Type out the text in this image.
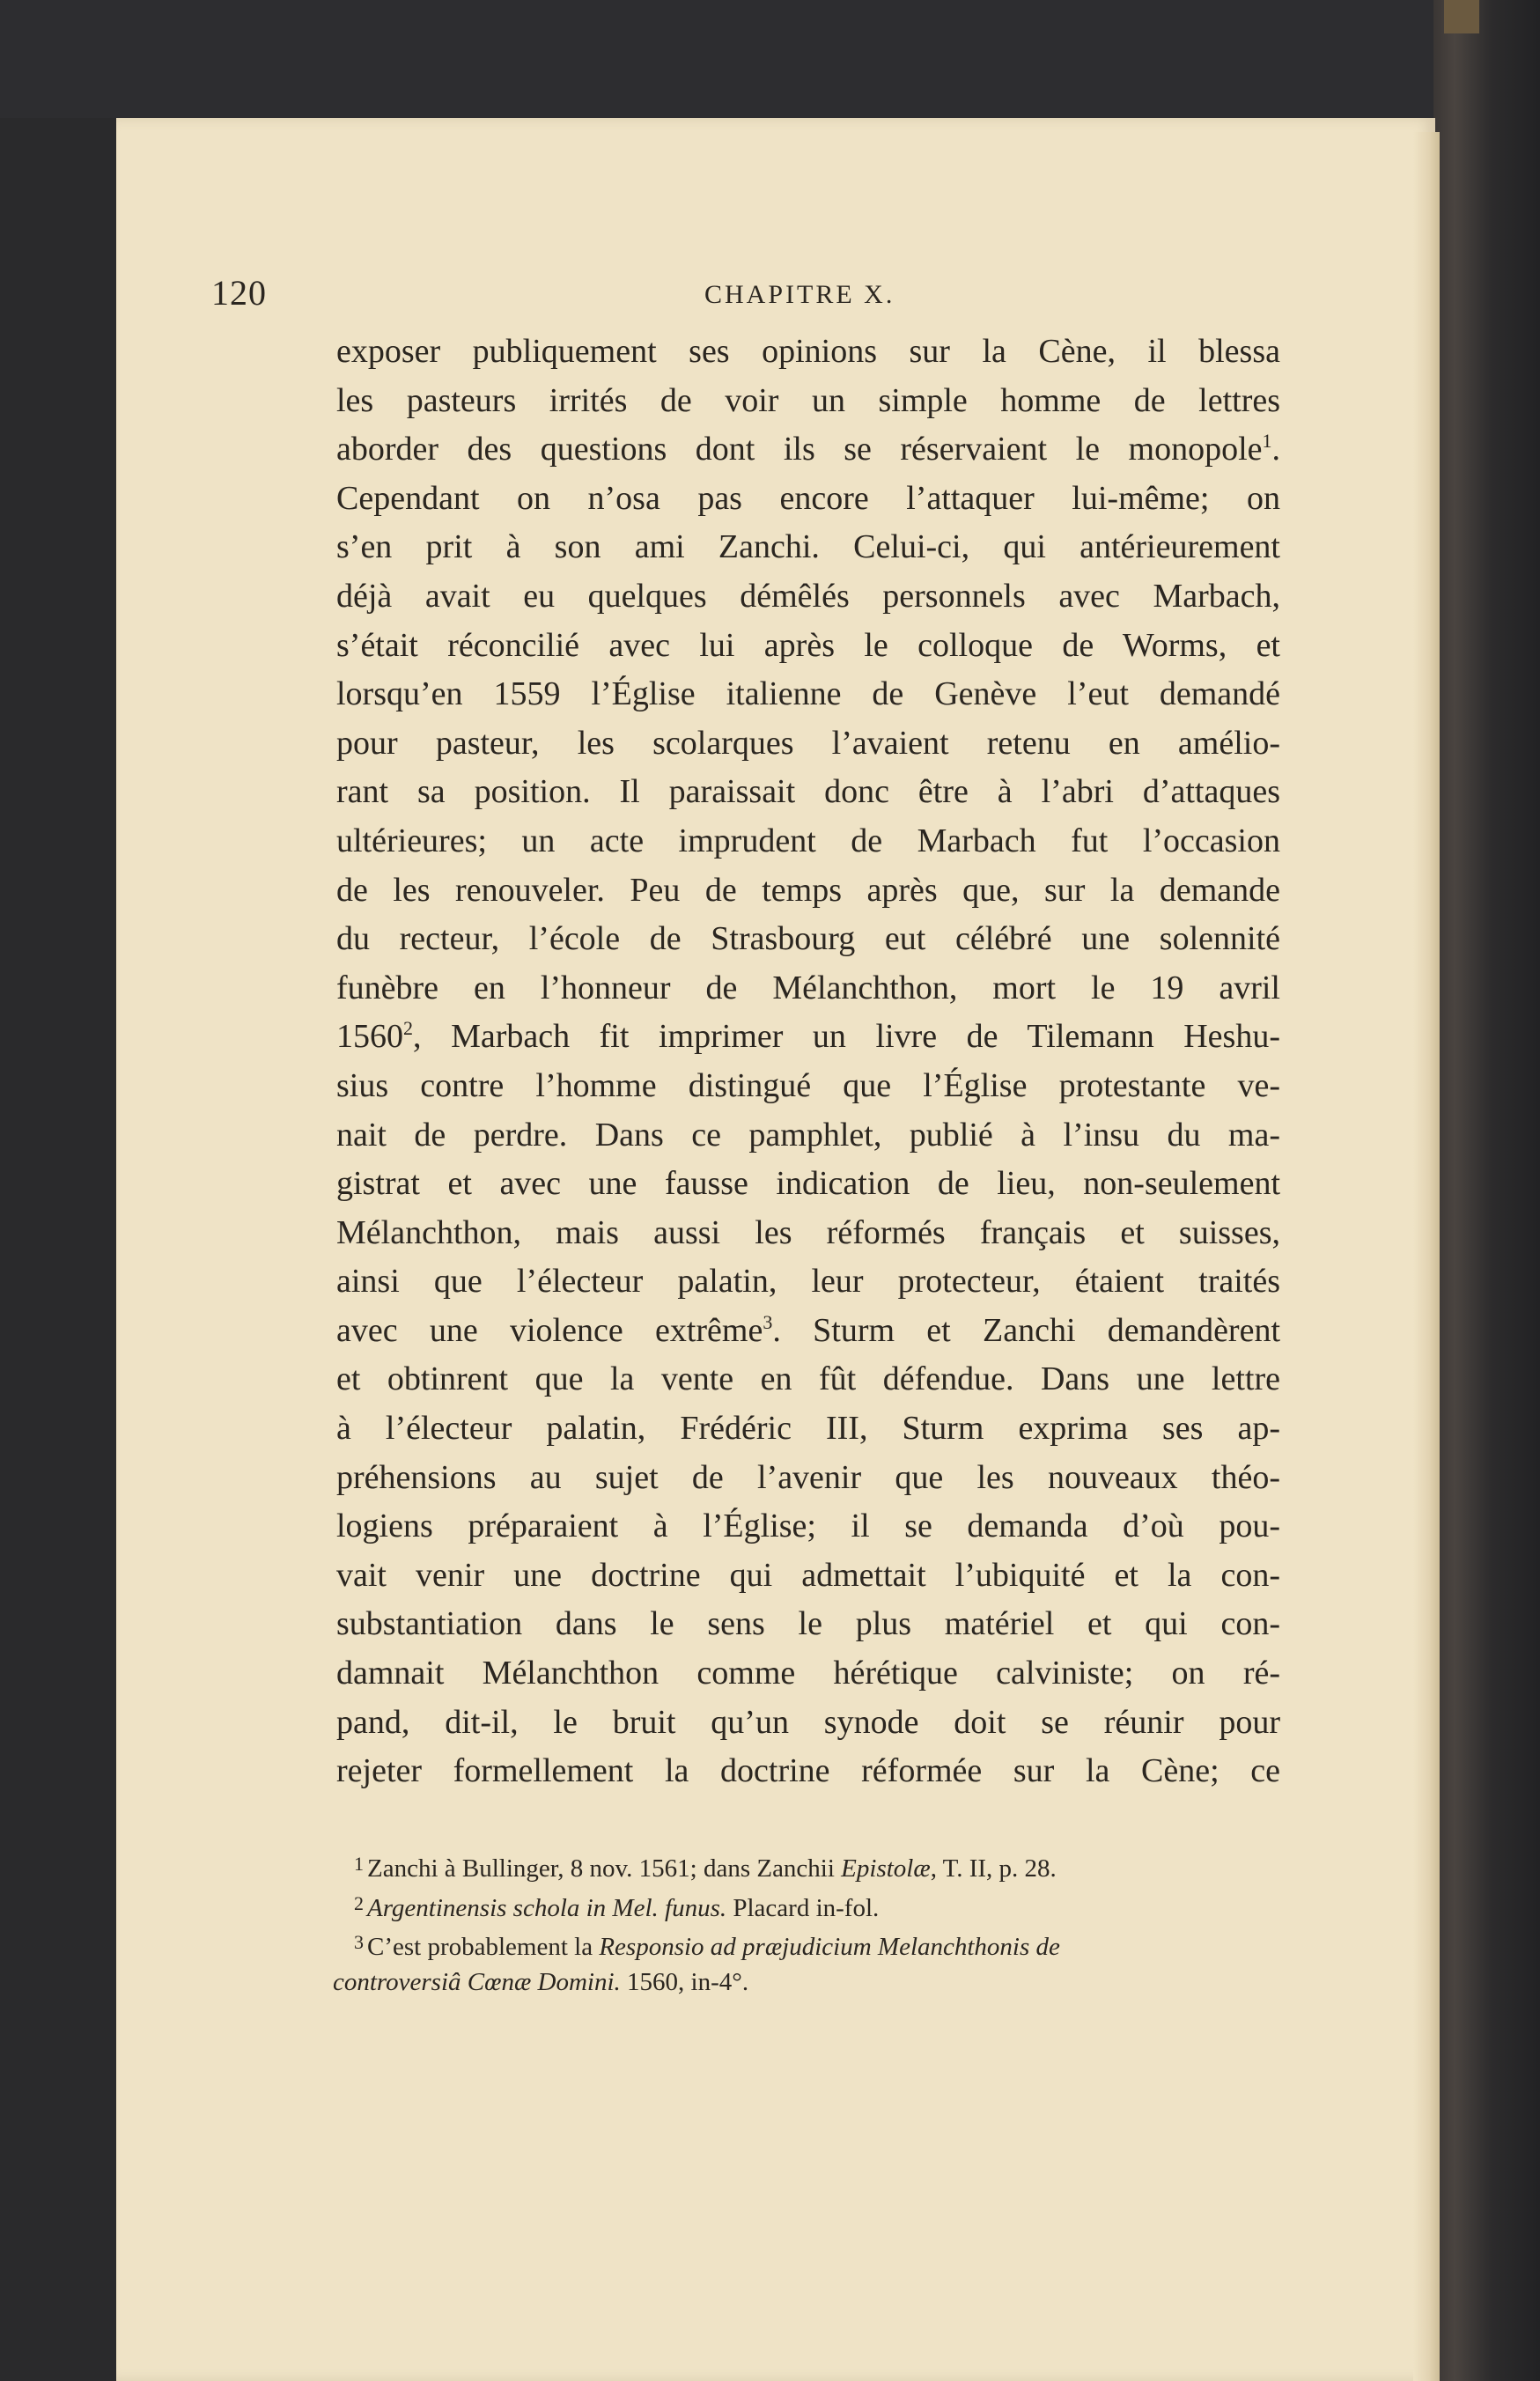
120	CHAPITRE X.
exposer publiquement ses opinions sur la Cène, il blessa
les pasteurs irrités de voir un simple homme de lettres
aborder des questions dont ils se réservaient le monopole$^1$.
Cependant on n’osa pas encore l’attaquer lui-même; on
s’en prit à son ami Zanchi. Celui-ci, qui antérieurement
déjà avait eu quelques démêlés personnels avec Marbach,
s’était réconcilié avec lui après le colloque de Worms, et
lorsqu’en 1559 l’Église italienne de Genève l’eut demandé
pour pasteur, les scolarques l’avaient retenu en amélio-
rant sa position. Il paraissait donc être à l’abri d’attaques
ultérieures; un acte imprudent de Marbach fut l’occasion
de les renouveler. Peu de temps après que, sur la demande
du recteur, l’école de Strasbourg eut célébré une solennité
funèbre en l’honneur de Mélanchthon, mort le 19 avril
1560$^2$, Marbach fit imprimer un livre de Tilemann Heshu-
sius contre l’homme distingué que l’Église protestante ve-
nait de perdre. Dans ce pamphlet, publié à l’insu du ma-
gistrat et avec une fausse indication de lieu, non-seulement
Mélanchthon, mais aussi les réformés français et suisses,
ainsi que l’électeur palatin, leur protecteur, étaient traités
avec une violence extrême$^3$. Sturm et Zanchi demandèrent
et obtinrent que la vente en fût défendue. Dans une lettre
à l’électeur palatin, Frédéric III, Sturm exprima ses ap-
préhensions au sujet de l’avenir que les nouveaux théo-
logiens préparaient à l’Église; il se demanda d’où pou-
vait venir une doctrine qui admettait l’ubiquité et la con-
substantiation dans le sens le plus matériel et qui con-
damnait Mélanchthon comme hérétique calviniste; on ré-
pand, dit-il, le bruit qu’un synode doit se réunir pour
rejeter formellement la doctrine réformée sur la Cène; ce
$^1$ Zanchi à Bullinger, 8 nov. 1561; dans Zanchii Epistolæ, T. II, p. 28.
$^2$ Argentinensis schola in Mel. funus. Placard in-fol.
$^3$ C’est probablement la Responsio ad præjudicium Melanchthonis de
controversiâ Cœnæ Domini. 1560, in-4°.
